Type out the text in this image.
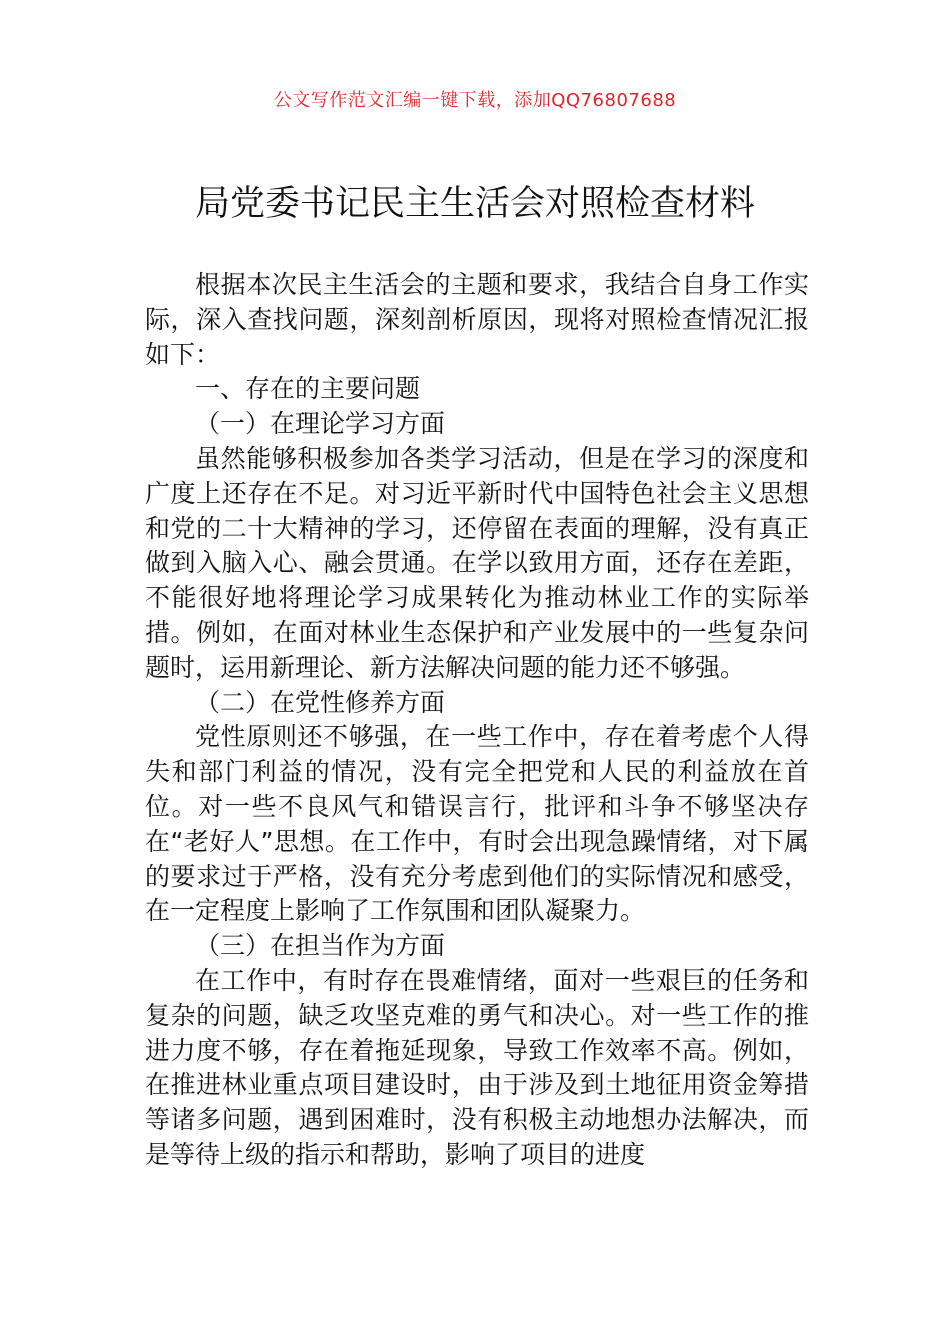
公文写作范文汇编一键下载，添加QQ76807688
局党委书记民主生活会对照检查材料

根据本次民主生活会的主题和要求，我结合自身工作实际，深入查找问题，深刻剖析原因，现将对照检查情况汇报如下：

一、存在的主要问题

（一）在理论学习方面

虽然能够积极参加各类学习活动，但是在学习的深度和广度上还存在不足。对习近平新时代中国特色社会主义思想和党的二十大精神的学习，还停留在表面的理解，没有真正做到入脑入心、融会贯通。在学以致用方面，还存在差距，不能很好地将理论学习成果转化为推动林业工作的实际举措。例如，在面对林业生态保护和产业发展中的一些复杂问题时，运用新理论、新方法解决问题的能力还不够强。

（二）在党性修养方面

党性原则还不够强，在一些工作中，存在着考虑个人得失和部门利益的情况，没有完全把党和人民的利益放在首位。对一些不良风气和错误言行，批评和斗争不够坚决存在“老好人”思想。在工作中，有时会出现急躁情绪，对下属的要求过于严格，没有充分考虑到他们的实际情况和感受，在一定程度上影响了工作氛围和团队凝聚力。

（三）在担当作为方面

在工作中，有时存在畏难情绪，面对一些艰巨的任务和复杂的问题，缺乏攻坚克难的勇气和决心。对一些工作的推进力度不够，存在着拖延现象，导致工作效率不高。例如，在推进林业重点项目建设时，由于涉及到土地征用资金筹措等诸多问题，遇到困难时，没有积极主动地想办法解决，而是等待上级的指示和帮助，影响了项目的进度
